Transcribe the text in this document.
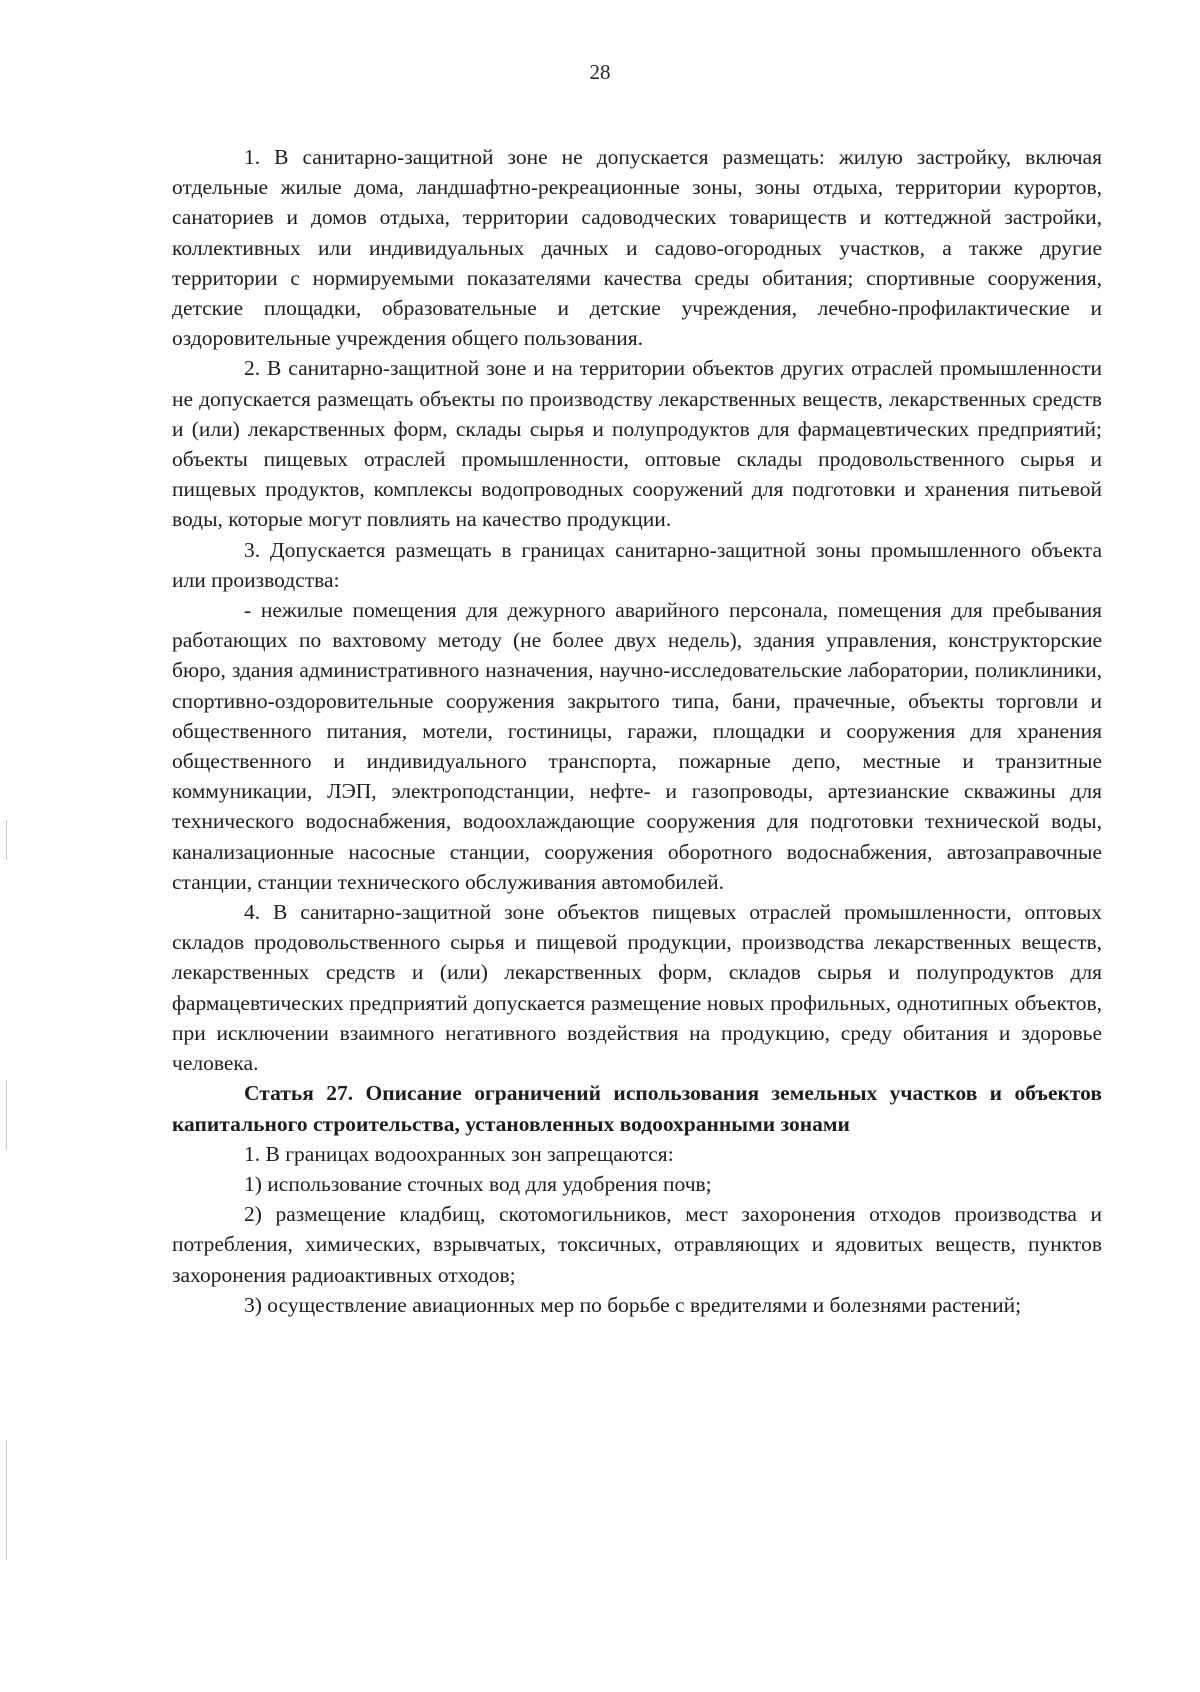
28

1. В санитарно-защитной зоне не допускается размещать: жилую застройку, включая отдельные жилые дома, ландшафтно-рекреационные зоны, зоны отдыха, территории курортов, санаториев и домов отдыха, территории садоводческих товариществ и коттеджной застройки, коллективных или индивидуальных дачных и садово-огородных участков, а также другие территории с нормируемыми показателями качества среды обитания; спортивные сооружения, детские площадки, образовательные и детские учреждения, лечебно-профилактические и оздоровительные учреждения общего пользования.

2. В санитарно-защитной зоне и на территории объектов других отраслей промышленности не допускается размещать объекты по производству лекарственных веществ, лекарственных средств и (или) лекарственных форм, склады сырья и полупродуктов для фармацевтических предприятий; объекты пищевых отраслей промышленности, оптовые склады продовольственного сырья и пищевых продуктов, комплексы водопроводных сооружений для подготовки и хранения питьевой воды, которые могут повлиять на качество продукции.

3. Допускается размещать в границах санитарно-защитной зоны промышленного объекта или производства:

- нежилые помещения для дежурного аварийного персонала, помещения для пребывания работающих по вахтовому методу (не более двух недель), здания управления, конструкторские бюро, здания административного назначения, научно-исследовательские лаборатории, поликлиники, спортивно-оздоровительные сооружения закрытого типа, бани, прачечные, объекты торговли и общественного питания, мотели, гостиницы, гаражи, площадки и сооружения для хранения общественного и индивидуального транспорта, пожарные депо, местные и транзитные коммуникации, ЛЭП, электроподстанции, нефте- и газопроводы, артезианские скважины для технического водоснабжения, водоохлаждающие сооружения для подготовки технической воды, канализационные насосные станции, сооружения оборотного водоснабжения, автозаправочные станции, станции технического обслуживания автомобилей.

4. В санитарно-защитной зоне объектов пищевых отраслей промышленности, оптовых складов продовольственного сырья и пищевой продукции, производства лекарственных веществ, лекарственных средств и (или) лекарственных форм, складов сырья и полупродуктов для фармацевтических предприятий допускается размещение новых профильных, однотипных объектов, при исключении взаимного негативного воздействия на продукцию, среду обитания и здоровье человека.

Статья 27. Описание ограничений использования земельных участков и объектов капитального строительства, установленных водоохранными зонами

1. В границах водоохранных зон запрещаются:

1) использование сточных вод для удобрения почв;

2) размещение кладбищ, скотомогильников, мест захоронения отходов производства и потребления, химических, взрывчатых, токсичных, отравляющих и ядовитых веществ, пунктов захоронения радиоактивных отходов;

3) осуществление авиационных мер по борьбе с вредителями и болезнями растений;
